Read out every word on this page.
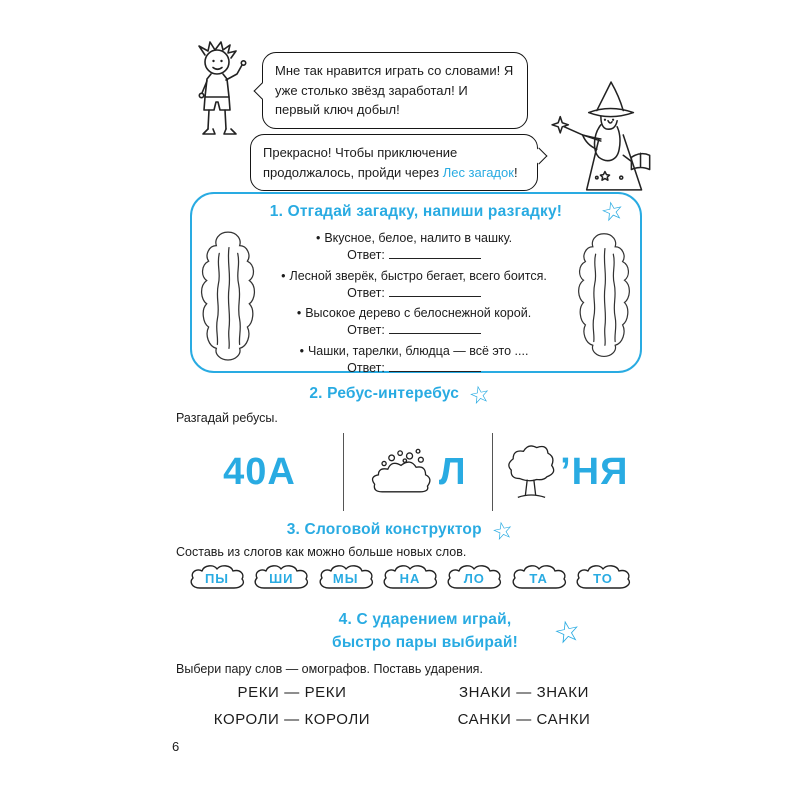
Мне так нравится играть со словами! Я уже столько звёзд заработал! И первый ключ добыл!
Прекрасно! Чтобы приключение продолжалось, пройди через Лес загадок!
1. Отгадай загадку, напиши разгадку!	☆
• Вкусное, белое, налито в чашку.
Ответ:
• Лесной зверёк, быстро бегает, всего боится.
Ответ:
• Высокое дерево с белоснежной корой.
Ответ:
• Чашки, тарелки, блюдца — всё это ....
Ответ:
2. Ребус-интеребус ☆
Разгадай ребусы.
40А	Л ’НЯ
3. Слоговой конструктор ☆
Составь из слогов как можно больше новых слов.
ПЫ	ШИ	МЫ	НА	ЛО	ТА	ТО
4. С ударением играй,
быстро пары выбирай!	☆
Выбери пару слов — омографов. Поставь ударения.
РЕКИ — РЕКИ	ЗНАКИ — ЗНАКИ
КОРОЛИ — КОРОЛИ	САНКИ — САНКИ
6
